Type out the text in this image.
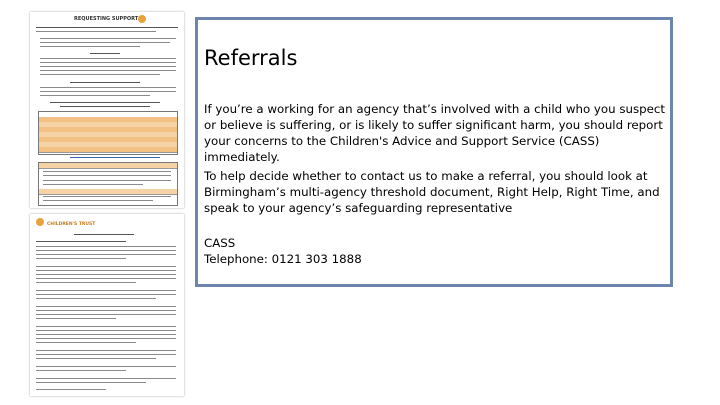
REQUESTING SUPPORT
CHILDREN'S TRUST
Referrals
If you’re a working for an agency that’s involved with a child who you suspect or believe is suffering, or is likely to suffer significant harm, you should report your concerns to the Children's Advice and Support Service (CASS) immediately.
To help decide whether to contact us to make a referral, you should look at Birmingham’s multi-agency threshold document, Right Help, Right Time, and speak to your agency’s safeguarding representative
CASS
Telephone: 0121 303 1888
